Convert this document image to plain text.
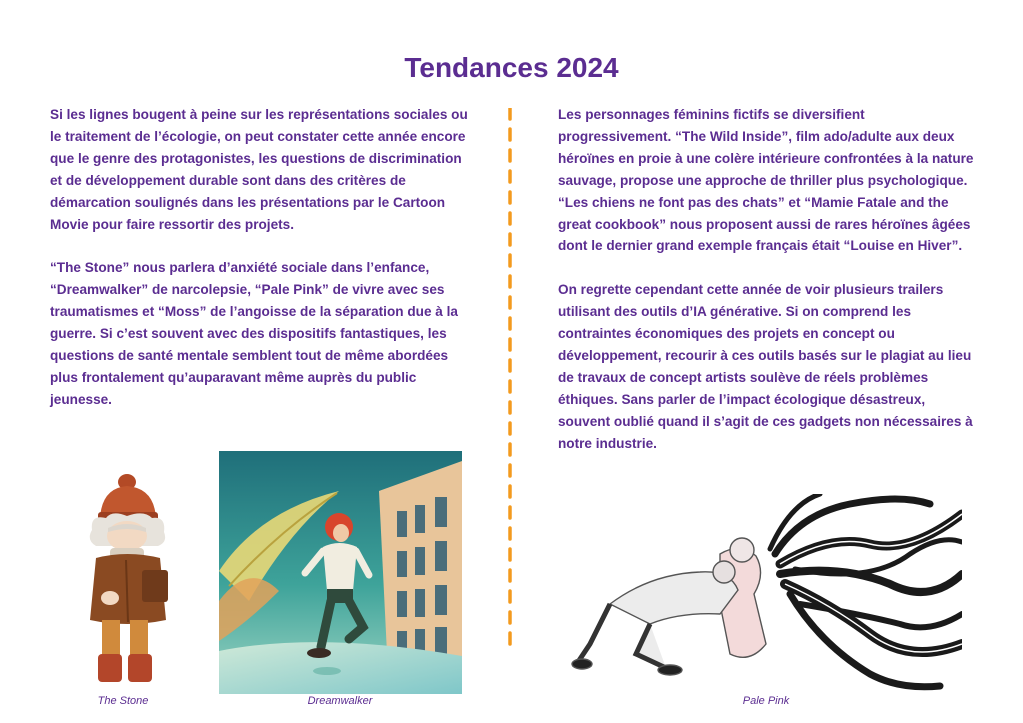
Tendances 2024

Si les lignes bougent à peine sur les représentations sociales ou le traitement de l’écologie, on peut constater cette année encore que le genre des protagonistes, les questions de discrimination et de développement durable sont dans des critères de démarcation soulignés dans les présentations par le Cartoon Movie pour faire ressortir des projets.

“The Stone” nous parlera d’anxiété sociale dans l’enfance, “Dreamwalker” de narcolepsie, “Pale Pink” de vivre avec ses traumatismes et “Moss” de l’angoisse de la séparation due à la guerre. Si c’est souvent avec des dispositifs fantastiques, les questions de santé mentale semblent tout de même abordées plus frontalement qu’auparavant même auprès du public jeunesse.

Les personnages féminins fictifs se diversifient progressivement. “The Wild Inside”, film ado/adulte aux deux héroïnes en proie à une colère intérieure confrontées à la nature sauvage, propose une approche de thriller plus psychologique. “Les chiens ne font pas des chats” et “Mamie Fatale and the great cookbook” nous proposent aussi de rares héroïnes âgées dont le dernier grand exemple français était “Louise en Hiver”.

On regrette cependant cette année de voir plusieurs trailers utilisant des outils d’IA générative. Si on comprend les contraintes économiques des projets en concept ou développement, recourir à ces outils basés sur le plagiat au lieu de travaux de concept artists soulève de réels problèmes éthiques. Sans parler de l’impact écologique désastreux, souvent oublié quand il s’agit de ces gadgets non nécessaires à notre industrie.

The Stone	Dreamwalker	Pale Pink
